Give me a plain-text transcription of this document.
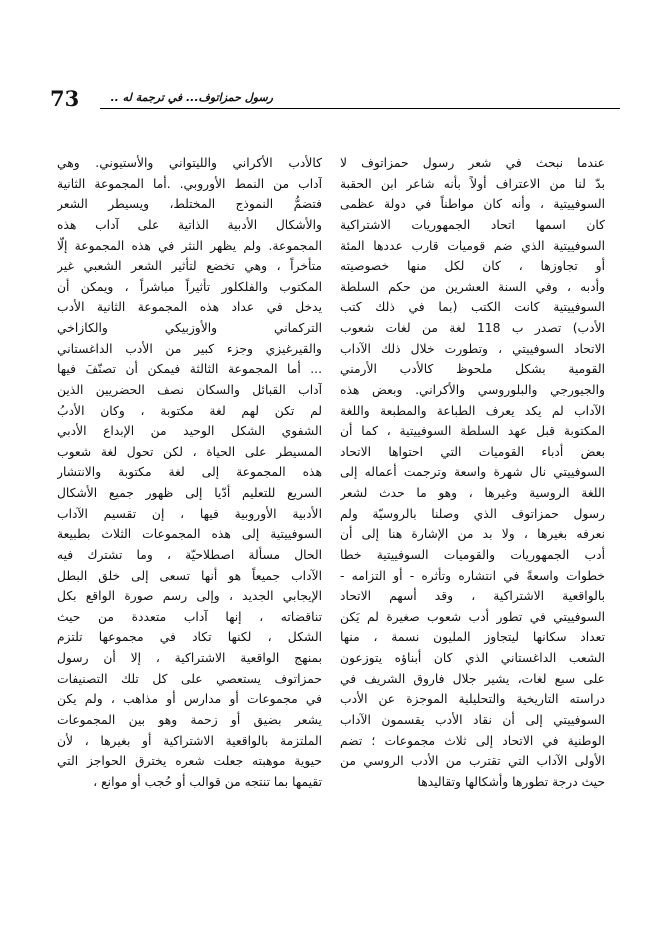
73	رسول حمزاتوف... في ترجمة له ..
عندما نبحث في شعر رسول حمزاتوف لا
بدّ لنا من الاعتراف أولاً بأنه شاعر ابن الحقبة
السوفييتية ، وأنه كان مواطناً في دولة عظمى
كان اسمها اتحاد الجمهوريات الاشتراكية
السوفييتية الذي ضم قوميات قارب عددها المئة
أو تجاوزها ، كان لكل منها خصوصيته
وأدبه ، وفي السنة العشرين من حكم السلطة
السوفييتية كانت الكتب (بما في ذلك كتب
الأدب) تصدر ب 118 لغة من لغات شعوب
الاتحاد السوفييتي ، وتطورت خلال ذلك الآداب
القومية بشكل ملحوظ كالأدب الأرمني
والجيورجي والبلوروسي والأكراني. وبعض هذه
الآداب لم يكد يعرف الطباعة والمطبعة واللغة
المكتوبة قبل عهد السلطة السوفييتية ، كما أن
بعض أدباء القوميات التي احتواها الاتحاد
السوفييتي نال شهرة واسعة وترجمت أعماله إلى
اللغة الروسية وغيرها ، وهو ما حدث لشعر
رسول حمزاتوف الذي وصلنا بالروسيّة ولم
نعرفه بغيرها ، ولا بد من الإشارة هنا إلى أن
أدب الجمهوريات والقوميات السوفييتية خطا
خطوات واسعةً في انتشاره وتأثره - أو التزامه -
بالواقعية الاشتراكية ، وقد أسهم الاتحاد
السوفييتي في تطور أدب شعوب صغيرة لم يَكن
تعداد سكانها ليتجاوز المليون نسمة ، منها
الشعب الداغستاني الذي كان أبناؤه يتوزعون
على سبع لغات، يشير جلال فاروق الشريف في
دراسته التاريخية والتحليلية الموجزة عن الأدب
السوفييتي إلى أن نقاد الأدب يقسمون الآداب
الوطنية في الاتحاد إلى ثلاث مجموعات ؛ تضم
الأولى الآداب التي تقترب من الأدب الروسي من
حيث درجة تطورها وأشكالها وتقاليدها
كالأدب الأكراني والليتواني والأستيوني. وهي
آداب من النمط الأوروبي. .أما المجموعة الثانية
فتضمُّ النموذج المختلط، ويسيطر الشعر
والأشكال الأدبية الذاتية على آداب هذه
المجموعة. ولم يظهر النثر في هذه المجموعة إلّا
متأخراً ، وهي تخضع لتأثير الشعر الشعبي غير
المكتوب والفلكلور تأثيراً مباشراً ، ويمكن أن
يدخل في عداد هذه المجموعة الثانية الأدب
التركماني والأوزبيكي والكازاخي
والقيرغيزي وجزء كبير من الأدب الداغستاني
... أما المجموعة الثالثة فيمكن أن تصنّفَ فيها
آداب القبائل والسكان نصف الحضريين الذين
لم تكن لهم لغة مكتوبة ، وكان الأدبُ
الشفوي الشكل الوحيد من الإبداع الأدبي
المسيطر على الحياة ، لكن تحول لغة شعوب
هذه المجموعة إلى لغة مكتوبة والانتشار
السريع للتعليم أدّيا إلى ظهور جميع الأشكال
الأدبية الأوروبية فيها ، إن تقسيم الآداب
السوفييتية إلى هذه المجموعات الثلاث بطبيعة
الحال مسألة اصطلاحيّة ، وما تشترك فيه
الآداب جميعاً هو أنها تسعى إلى خلق البطل
الإيجابي الجديد ، وإلى رسم صورة الواقع بكل
تناقضاته ، إنها آداب متعددة من حيث
الشكل ، لكنها تكاد في مجموعها تلتزم
بمنهج الواقعية الاشتراكية ، إلا أن رسول
حمزاتوف يستعصي على كل تلك التصنيفات
في مجموعات أو مدارس أو مذاهب ، ولم يكن
يشعر بضيق أو زحمة وهو بين المجموعات
الملتزمة بالواقعية الاشتراكية أو بغيرها ، لأن
حيوية موهبته جعلت شعره يخترق الحواجز التي
تقيمها بما تنتجه من قوالب أو حُجب أو موانع ،
